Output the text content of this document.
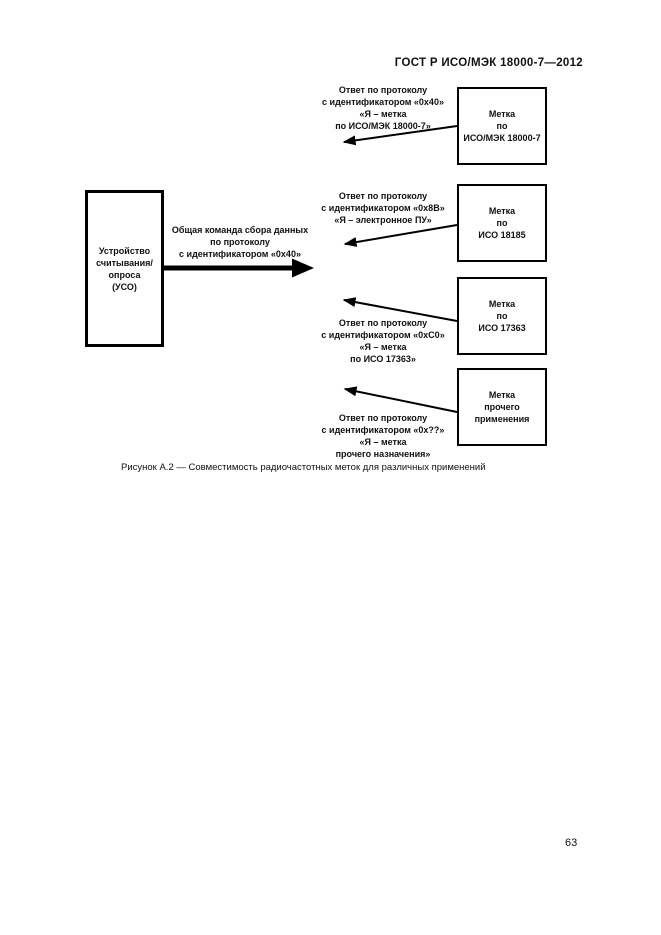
ГОСТ Р ИСО/МЭК 18000-7—2012
Устройство
считывания/
опроса
(УСО)
Общая команда сбора данных
по протоколу
с идентификатором «0х40»
Метка
по
ИСО/МЭК 18000-7
Метка
по
ИСО 18185
Метка
по
ИСО 17363
Метка
прочего
применения
Ответ по протоколу
с идентификатором «0х40»
«Я – метка
по ИСО/МЭК 18000-7»
Ответ по протоколу
с идентификатором «0х8В»
«Я – электронное ПУ»
Ответ по протоколу
с идентификатором «0хС0»
«Я – метка
по ИСО 17363»
Ответ по протоколу
с идентификатором «0х??»
«Я – метка
прочего назначения»
Рисунок А.2 — Совместимость радиочастотных меток для различных применений
63
